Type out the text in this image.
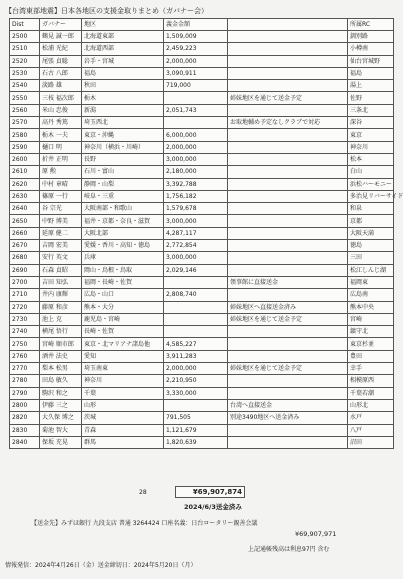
【台湾東部地震】日本各地区の支援金取りまとめ（ガバナー会）
Dist	ガバナー	地区	義金金額		所属RC
2500	鶴見 誠一郎	北海道東部	1,509,009		釧別路
2510	松浦 光紀	北海道西部	2,459,223		小樽南
2520	尾張 貞聡	岩手・宮城	2,000,000		仙台宮城野
2530	石古 八郎	福島	3,090,911		福島
2540	淡路 雄	秋田	719,000		湯上
2550	三枝 福次郎	栃木		姉妹地区を通じて送金予定	佐野
2560	米山 忠俊	新潟	2,051,743		三条北
2570	高丹 秀篤	埼玉西北		お取地輔め予定なしクラブで対応	深谷
2580	栃木 一夫	東京・沖縄	6,000,000		東京
2590	樋口 明	神奈川（横浜・川崎）	2,000,000		神奈川
2600	折井 正明	長野	3,000,000		松本
2610	原 勲	石川・富山	2,180,000		白山
2620	中村 章晴	静岡・山梨	3,392,788		浜松ハーモニー
2630	篠原 一行	岐阜・三重	1,756,182		多治見リバーサイド
2640	谷 宗光	大阪南部・和歌山	1,579,678		和泉
2650	中野 博美	福井・京都・奈良・滋賀	3,000,000		京都
2660	延原 健二	大阪北部	4,287,117		大阪天満
2670	吉岡 宏美	愛媛・香川・高知・徳島	2,772,854		徳島
2680	安行 英文	兵庫	3,000,000		三田
2690	石森 貞昭	岡山・鳥根・鳥取	2,029,146		松江しんじ湖
2700	吉田 知弘	福岡・長崎・佐賀		領事館に直接送金	福岡東
2710	井内 康輝	広島・山口	2,808,740		広島南
2720	藤原 和彦	熊本・大分		姉妹地区へ直接送金済み	熊本中央
2730	池上 克	鹿児島・宮崎		姉妹地区を通じて送金予定	宮崎
2740	横尾 悟行	長崎・佐賀			鎮守北
2750	宮崎 順市郎	東京・北マリアナ諸島他	4,585,227		東京杉並
2760	酒井 法史	愛知	3,911,283		豊田
2770	梨本 松男	埼玉南東	2,000,000	姉妹地区を通じて送金予定	幸手
2780	田島 敏久	神奈川	2,210,950		相模原西
2790	駒沢 和之	千葉	3,330,000		千葉若潮
2800	伊藤 三之	山形		台湾へ直接送金	山形北
2820	大久保 博之	茨城	791,505	別途3490地区へ送金済み	水戸
2830	菊池 智大	青森	1,121,679		八戸
2840	保坂 充晃	群馬	1,820,639		沼田
28	¥69,907,874
2024/6/3送金済み
【送金先】みずほ銀行 九段支店 普通 3264424 口座名義：日台ロータリー親善会議
¥69,907,971
上記通帳残高は利息97円 含む
情報発信：2024年4月26日（金）送金締切日：2024年5月20日（月）
